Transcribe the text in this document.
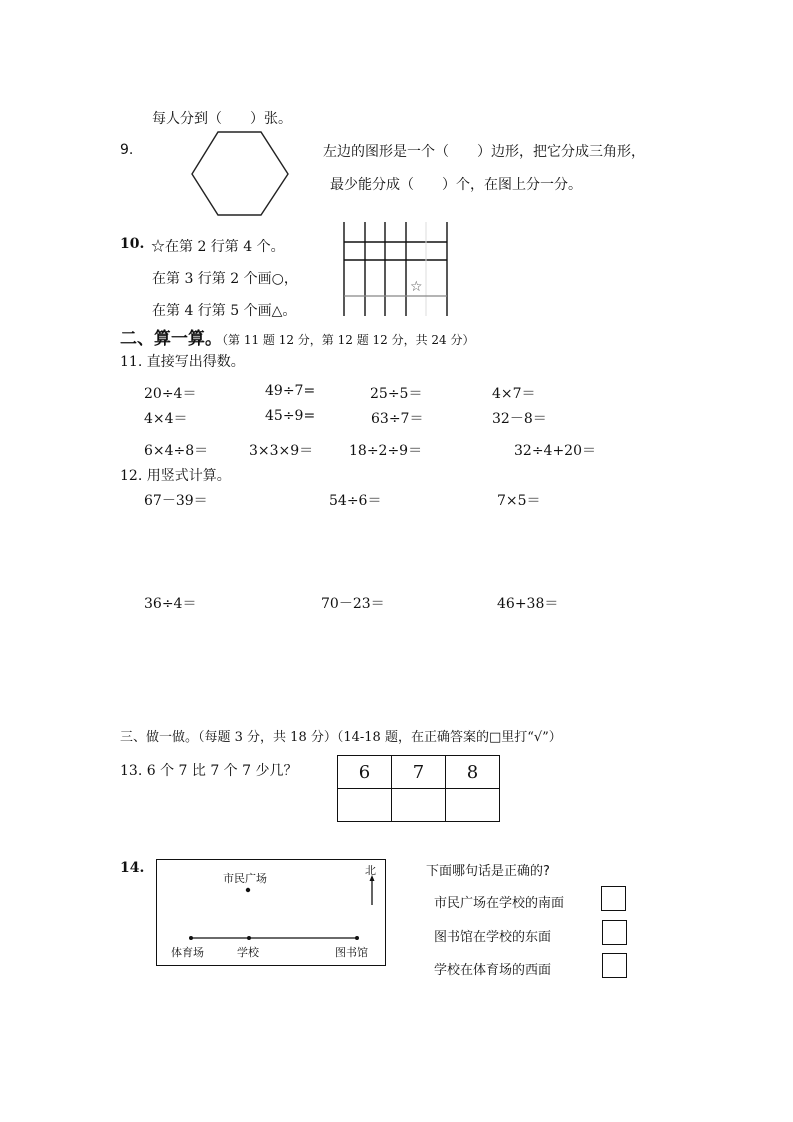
每人分到（　　）张。
9.	左边的图形是一个（　　）边形，把它分成三角形，
最少能分成（　　）个，在图上分一分。
10. ☆在第 2 行第 4 个。
在第 3 行第 2 个画○，
在第 4 行第 5 个画△。
☆
二、算一算。（第 11 题 12 分，第 12 题 12 分，共 24 分）
11. 直接写出得数。
20÷4＝	49÷7=	25÷5＝	4×7＝
4×4＝	45÷9=	63÷7＝	32－8＝
6×4÷8＝	3×3×9＝	18÷2÷9＝	32÷4+20＝
12. 用竖式计算。
67－39＝	54÷6＝	7×5＝
36÷4＝	70－23＝	46+38＝
三、做一做。（每题 3 分，共 18 分）（14-18 题，在正确答案的□里打“√”）
13. 6 个 7 比 7 个 7 少几？	6	7	8

14.
市民广场
北
体育场	学校	图书馆
下面哪句话是正确的?
市民广场在学校的南面
图书馆在学校的东面
学校在体育场的西面
